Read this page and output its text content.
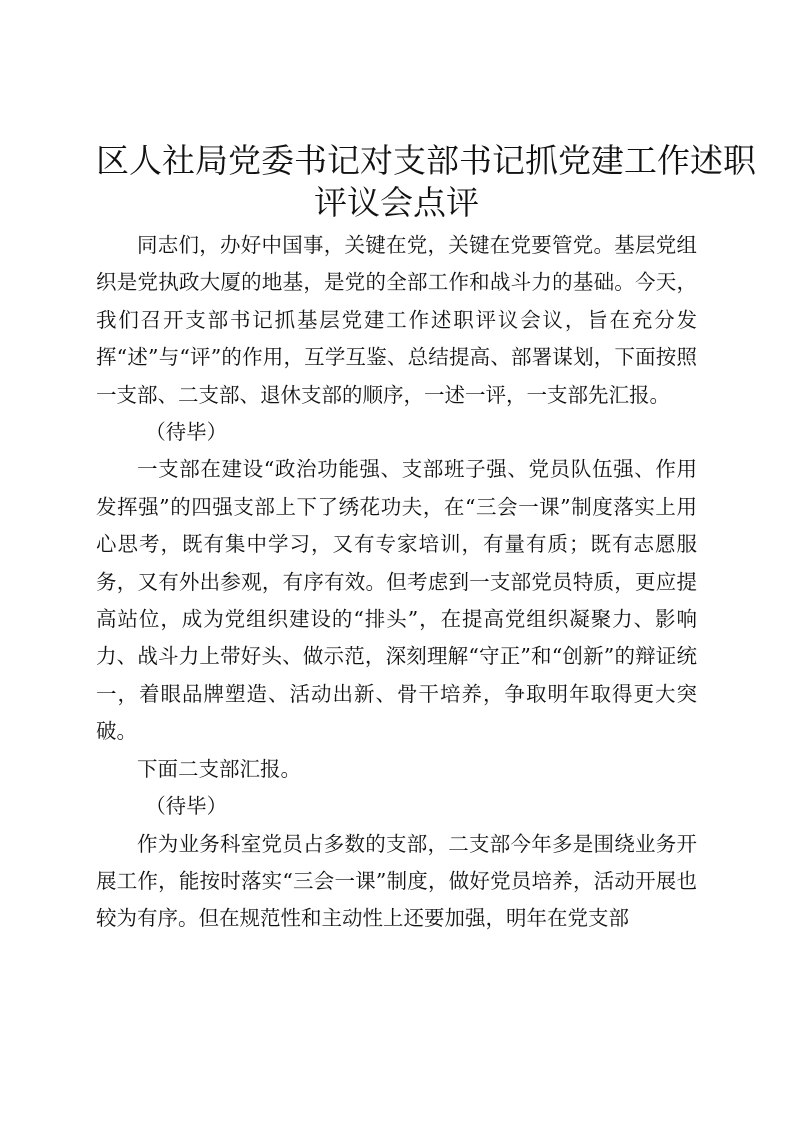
区人社局党委书记对支部书记抓党建工作述职
评议会点评

同志们，办好中国事，关键在党，关键在党要管党。基层党组织是党执政大厦的地基，是党的全部工作和战斗力的基础。今天，我们召开支部书记抓基层党建工作述职评议会议，旨在充分发挥“述”与“评”的作用，互学互鉴、总结提高、部署谋划，下面按照一支部、二支部、退休支部的顺序，一述一评，一支部先汇报。

（待毕）

一支部在建设“政治功能强、支部班子强、党员队伍强、作用发挥强”的四强支部上下了绣花功夫，在“三会一课”制度落实上用心思考，既有集中学习，又有专家培训，有量有质；既有志愿服务，又有外出参观，有序有效。但考虑到一支部党员特质，更应提高站位，成为党组织建设的“排头”，在提高党组织凝聚力、影响力、战斗力上带好头、做示范，深刻理解“守正”和“创新”的辩证统一，着眼品牌塑造、活动出新、骨干培养，争取明年取得更大突破。

下面二支部汇报。

（待毕）

作为业务科室党员占多数的支部，二支部今年多是围绕业务开展工作，能按时落实“三会一课”制度，做好党员培养，活动开展也较为有序。但在规范性和主动性上还要加强，明年在党支部
